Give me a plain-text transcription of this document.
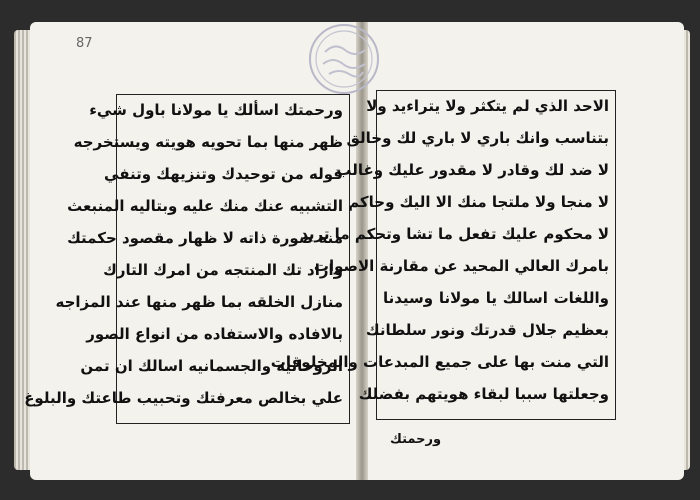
87
ورحمتك اسألك يا مولانا باول شيء
ظهر منها بما تحويه هويته ويستخرجه
قوله من توحيدك وتنزيهك وتنفي
التشبيه عنك منك عليه وبتاليه المنبعث
منه صورة ذاته لا ظهار مقصود حكمتك
واراد تك المنتجه من امرك التارك
منازل الخلقه بما ظهر منها عند المزاجه
بالافاده والاستفاده من انواع الصور
الروحانيه والجسمانيه اسالك ان تمن
علي بخالص معرفتك وتحبيب طاعتك والبلوغ
الاحد الذي لم يتكثر ولا يتراءيد ولا
بتناسب وانك باري لا باري لك وخالق
لا ضد لك وقادر لا مقدور عليك وغالب
لا منجا ولا ملتجا منك الا اليك وحاكم
لا محكوم عليك تفعل ما تشا وتحكم ما تريد
بامرك العالي المحيد عن مقارنة الاصوات
واللغات اسالك يا مولانا وسيدنا
بعظيم جلال قدرتك ونور سلطانك
التي منت بها على جميع المبدعات والمخلوقات
وجعلتها سببا لبقاء هويتهم بفضلك
ورحمتك
